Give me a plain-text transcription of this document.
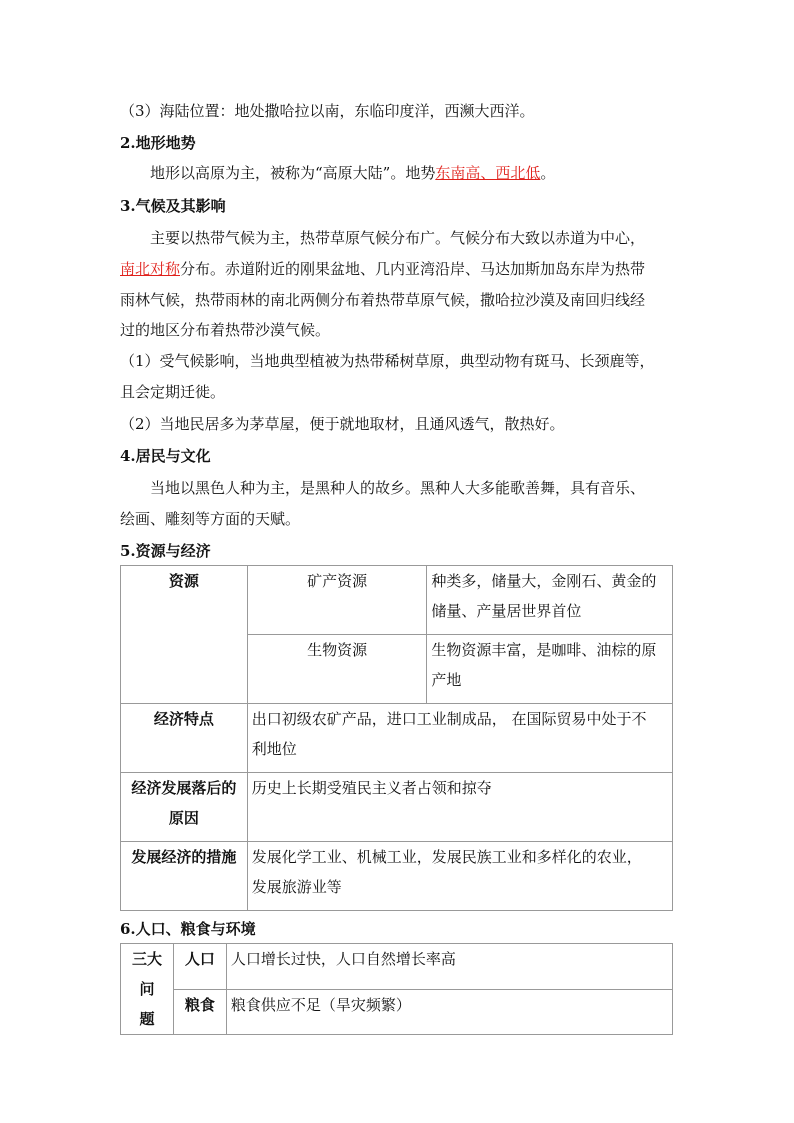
（3）海陆位置：地处撒哈拉以南，东临印度洋，西濒大西洋。
2.地形地势
地形以高原为主，被称为“高原大陆”。地势东南高、西北低。
3.气候及其影响
主要以热带气候为主，热带草原气候分布广。气候分布大致以赤道为中心，
南北对称分布。赤道附近的刚果盆地、几内亚湾沿岸、马达加斯加岛东岸为热带
雨林气候，热带雨林的南北两侧分布着热带草原气候，撒哈拉沙漠及南回归线经
过的地区分布着热带沙漠气候。
（1）受气候影响，当地典型植被为热带稀树草原，典型动物有斑马、长颈鹿等，
且会定期迁徙。
（2）当地民居多为茅草屋，便于就地取材，且通风透气，散热好。
4.居民与文化
当地以黑色人种为主，是黑种人的故乡。黑种人大多能歌善舞，具有音乐、
绘画、雕刻等方面的天赋。
5.资源与经济
资源	矿产资源	种类多，储量大，金刚石、黄金的
储量、产量居世界首位

	生物资源	生物资源丰富，是咖啡、油棕的原
产地

经济特点	出口初级农矿产品，进口工业制成品， 在国际贸易中处于不
利地位	

经济发展落后的
原因	历史上长期受殖民主义者占领和掠夺	
发展经济的措施	发展化学工业、机械工业，发展民族工业和多样化的农业，
发展旅游业等	
6.人口、粮食与环境
三大问
题	人口	人口增长过快，人口自然增长率高
	粮食	粮食供应不足（旱灾频繁）
